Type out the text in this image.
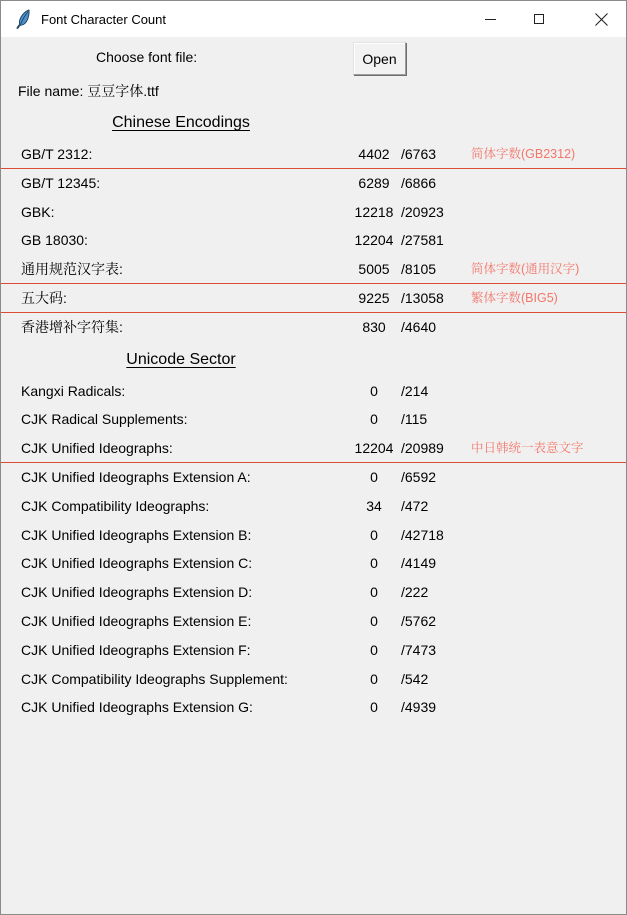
Font Character Count
Choose font file:	Open
File name: 豆豆字体.ttf
Chinese Encodings
GB/T 2312:	4402 /6763	简体字数(GB2312)
GB/T 12345:	6289 /6866
GBK:	12218 /20923
GB 18030:	12204 /27581
通用规范汉字表:	5005 /8105	简体字数(通用汉字)
五大码:	9225 /13058 繁体字数(BIG5)
香港增补字符集:	830	/4640
Unicode Sector
Kangxi Radicals:	0	/214
CJK Radical Supplements:	0	/115
CJK Unified Ideographs:	12204 /20989 中日韩统一表意文字
CJK Unified Ideographs Extension A:	0	/6592
CJK Compatibility Ideographs:	34	/472
CJK Unified Ideographs Extension B:	0	/42718
CJK Unified Ideographs Extension C:	0	/4149
CJK Unified Ideographs Extension D:	0	/222
CJK Unified Ideographs Extension E:	0	/5762
CJK Unified Ideographs Extension F:	0	/7473
CJK Compatibility Ideographs Supplement:	0	/542
CJK Unified Ideographs Extension G:	0	/4939
